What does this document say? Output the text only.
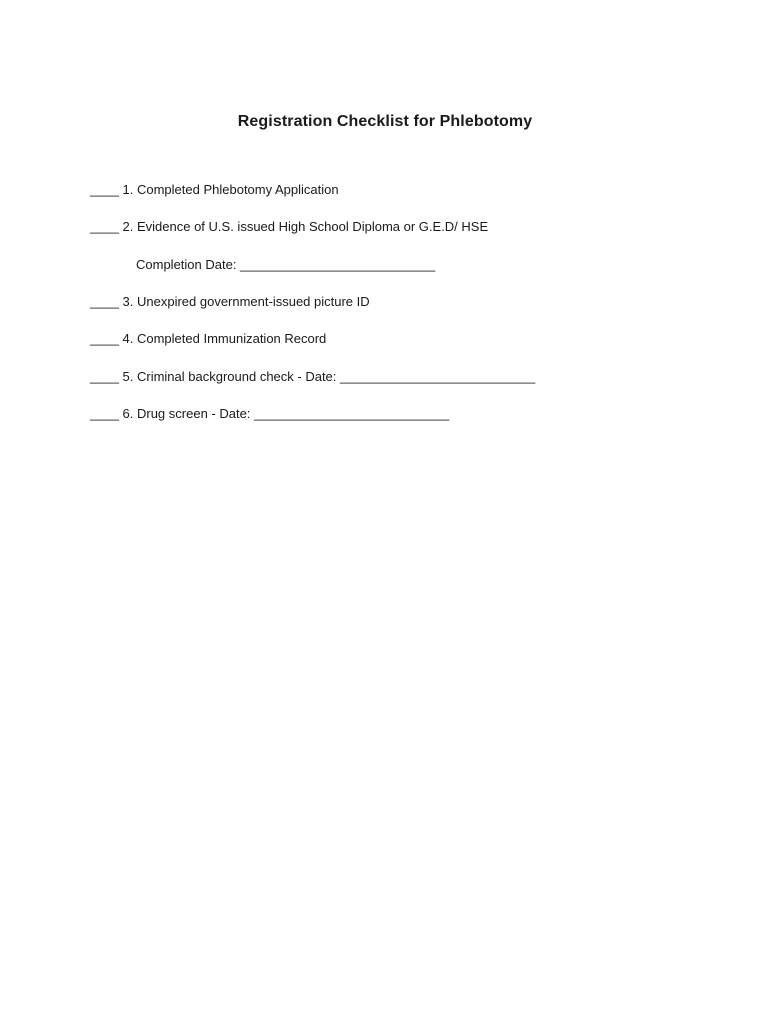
Registration Checklist for Phlebotomy
____ 1. Completed Phlebotomy Application
____ 2. Evidence of U.S. issued High School Diploma or G.E.D/ HSE
Completion Date: ___________________________
____ 3. Unexpired government-issued picture ID
____ 4. Completed Immunization Record
____ 5. Criminal background check - Date: ___________________________
____ 6. Drug screen - Date: ___________________________
